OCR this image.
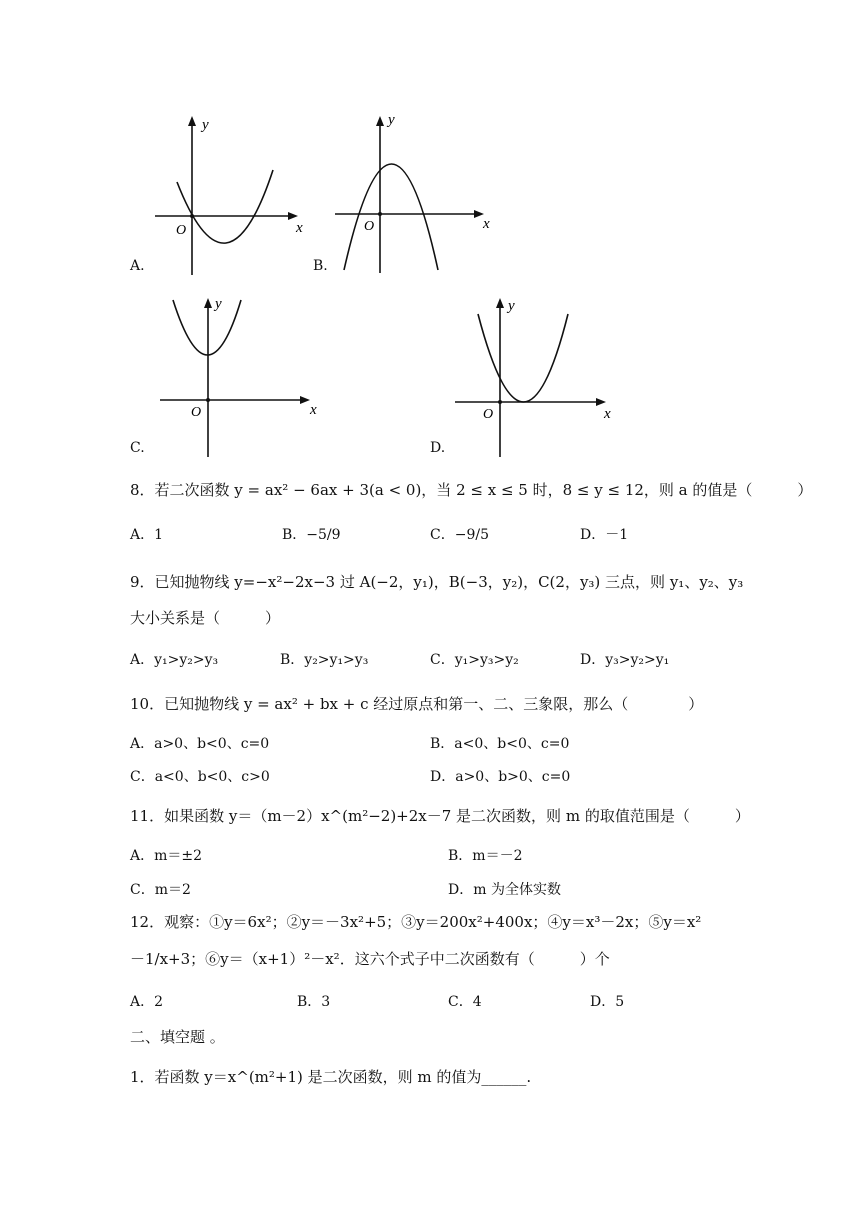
A.
y
x
O
B.
y
x
O
C.
y
x
O
D.
y
x
O
8．若二次函数 y = ax² − 6ax + 3(a < 0)，当 2 ≤ x ≤ 5 时，8 ≤ y ≤ 12，则 a 的值是（　　　）
A．1	B．−5/9	C．−9/5	D．－1
9．已知抛物线 y=−x²−2x−3 过 A(−2，y₁)，B(−3，y₂)，C(2，y₃) 三点，则 y₁、y₂、y₃
大小关系是（　　　）
A．y₁>y₂>y₃	B．y₂>y₁>y₃	C．y₁>y₃>y₂	D．y₃>y₂>y₁
10．已知抛物线 y = ax² + bx + c 经过原点和第一、二、三象限，那么（　　　　）
A．a>0、b<0、c=0	B．a<0、b<0、c=0
C．a<0、b<0、c>0	D．a>0、b>0、c=0
11．如果函数 y＝（m－2）x^(m²−2)+2x－7 是二次函数，则 m 的取值范围是（　　　）
A．m＝±2	B．m＝－2
C．m＝2	D．m 为全体实数
12．观察：①y＝6x²；②y＝－3x²+5；③y＝200x²+400x；④y＝x³－2x；⑤y＝x²
－1/x+3；⑥y＝（x+1）²－x²．这六个式子中二次函数有（　　　）个
A．2	B．3	C．4	D．5
二、填空题 。
1．若函数 y＝x^(m²+1) 是二次函数，则 m 的值为______.
